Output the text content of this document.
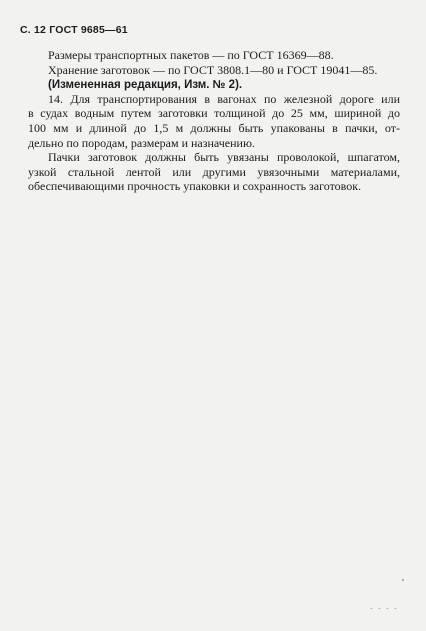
С. 12 ГОСТ 9685—61
Размеры транспортных пакетов — по ГОСТ 16369—88.
Хранение заготовок — по ГОСТ 3808.1—80 и ГОСТ 19041—85.
(Измененная редакция, Изм. № 2).
14. Для транспортирования в вагонах по железной дороге или
в судах водным путем заготовки толщиной до 25 мм, шириной до
100 мм и длиной до 1,5 м должны быть упакованы в пачки, от-
дельно по породам, размерам и назначению.
Пачки заготовок должны быть увязаны проволокой, шпагатом,
узкой стальной лентой или другими увязочными материалами,
обеспечивающими прочность упаковки и сохранность заготовок.
